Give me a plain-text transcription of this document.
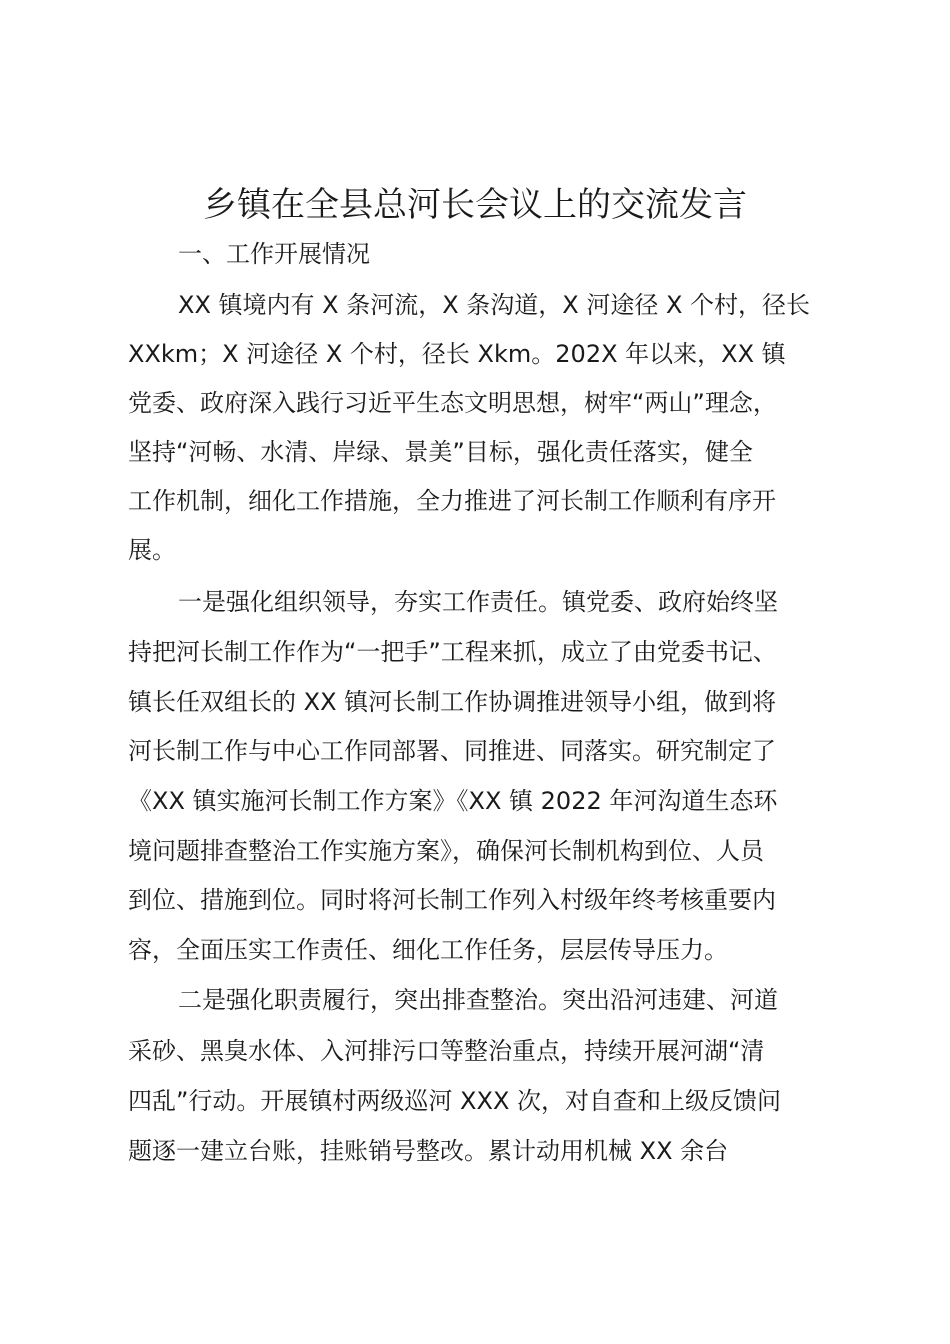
乡镇在全县总河长会议上的交流发言
一、工作开展情况
XX 镇境内有 X 条河流，X 条沟道，X 河途径 X 个村，径长
XXkm；X 河途径 X 个村，径长 Xkm。202X 年以来，XX 镇
党委、政府深入践行习近平生态文明思想，树牢“两山”理念，
坚持“河畅、水清、岸绿、景美”目标，强化责任落实，健全
工作机制，细化工作措施，全力推进了河长制工作顺利有序开
展。
一是强化组织领导，夯实工作责任。镇党委、政府始终坚
持把河长制工作作为“一把手”工程来抓，成立了由党委书记、
镇长任双组长的 XX 镇河长制工作协调推进领导小组，做到将
河长制工作与中心工作同部署、同推进、同落实。研究制定了
《XX 镇实施河长制工作方案》《XX 镇 2022 年河沟道生态环
境问题排查整治工作实施方案》，确保河长制机构到位、人员
到位、措施到位。同时将河长制工作列入村级年终考核重要内
容，全面压实工作责任、细化工作任务，层层传导压力。
二是强化职责履行，突出排查整治。突出沿河违建、河道
采砂、黑臭水体、入河排污口等整治重点，持续开展河湖“清
四乱”行动。开展镇村两级巡河 XXX 次，对自查和上级反馈问
题逐一建立台账，挂账销号整改。累计动用机械 XX 余台
